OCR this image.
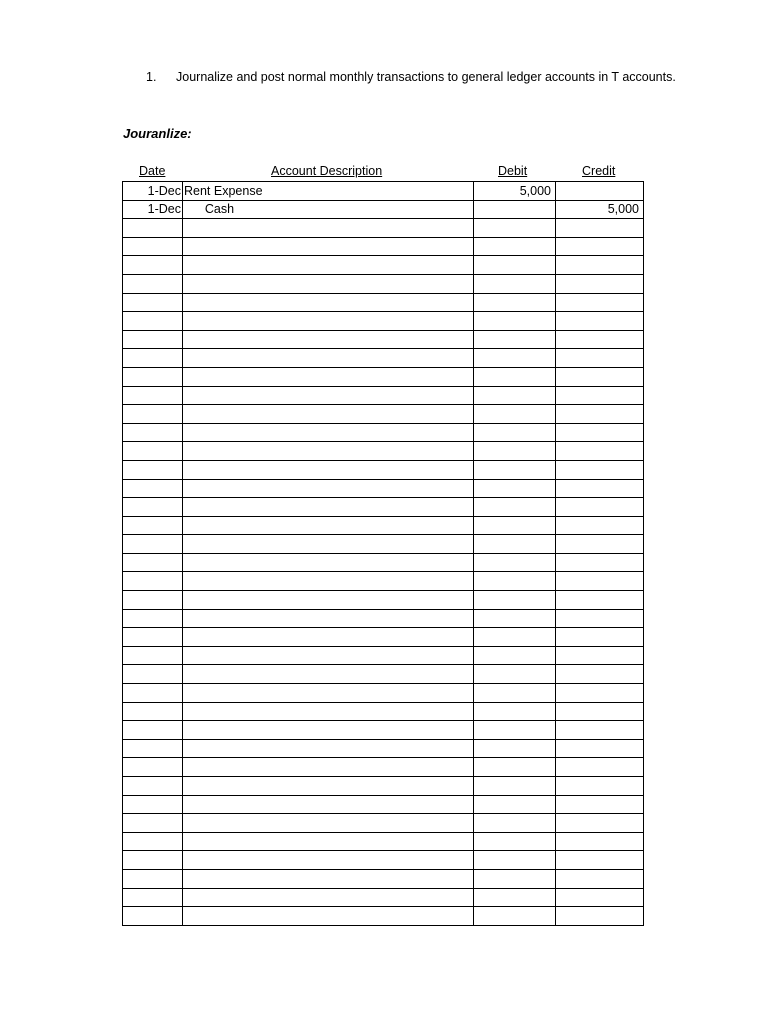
1. Journalize and post normal monthly transactions to general ledger accounts in T accounts.
Jouranlize:
Date	Account Description	Debit	Credit
1-Dec	Rent Expense	5,000	
1-Dec	Cash		5,000
